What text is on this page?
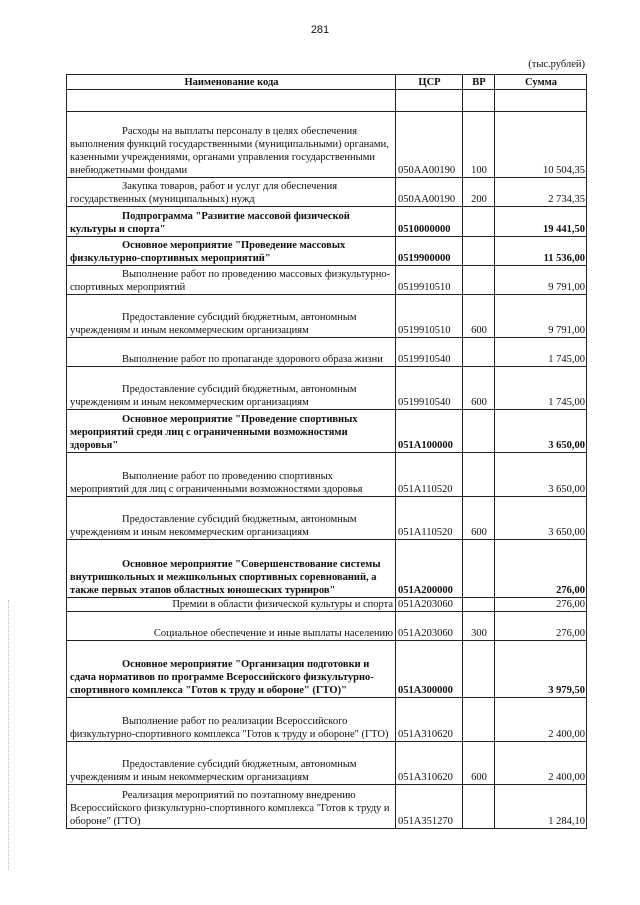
281
(тыс.рублей)
Наименование кода	ЦСР	ВР	Сумма

Расходы на выплаты персоналу в целях обеспечения выполнения функций государственными (муниципальными) органами, казенными учреждениями, органами управления государственными внебюджетными фондами	050АА00190	100	10 504,35
Закупка товаров, работ и услуг для обеспечения государственных (муниципальных) нужд	050АА00190	200	2 734,35
Подпрограмма "Развитие массовой физической культуры и спорта"	0510000000		19 441,50
Основное мероприятие "Проведение массовых физкультурно-спортивных мероприятий"	0519900000		11 536,00
Выполнение работ по проведению массовых физкультурно-спортивных мероприятий	0519910510		9 791,00
Предоставление субсидий бюджетным, автономным учреждениям и иным некоммерческим организациям	0519910510	600	9 791,00
Выполнение работ по пропаганде здорового образа жизни	0519910540		1 745,00
Предоставление субсидий бюджетным, автономным учреждениям и иным некоммерческим организациям	0519910540	600	1 745,00
Основное мероприятие "Проведение спортивных мероприятий среди лиц с ограниченными возможностями здоровья"	051А100000		3 650,00
Выполнение работ по проведению спортивных мероприятий для лиц с ограниченными возможностями здоровья	051А110520		3 650,00
Предоставление субсидий бюджетным, автономным учреждениям и иным некоммерческим организациям	051А110520	600	3 650,00
Основное мероприятие "Совершенствование системы внутришкольных и межшкольных спортивных соревнований, а также первых этапов областных юношеских турниров"	051А200000		276,00
Премии в области физической культуры и спорта	051А203060		276,00
Социальное обеспечение и иные выплаты населению	051А203060	300	276,00
Основное мероприятие "Организация подготовки и сдача нормативов по программе Всероссийского физкультурно-спортивного комплекса "Готов к труду и обороне" (ГТО)"	051А300000		3 979,50
Выполнение работ по реализации Всероссийского физкультурно-спортивного комплекса "Готов к труду и обороне" (ГТО)	051А310620		2 400,00
Предоставление субсидий бюджетным, автономным учреждениям и иным некоммерческим организациям	051А310620	600	2 400,00
Реализация мероприятий по поэтапному внедрению Всероссийского физкультурно-спортивного комплекса "Готов к труду и обороне" (ГТО)	051А351270		1 284,10
